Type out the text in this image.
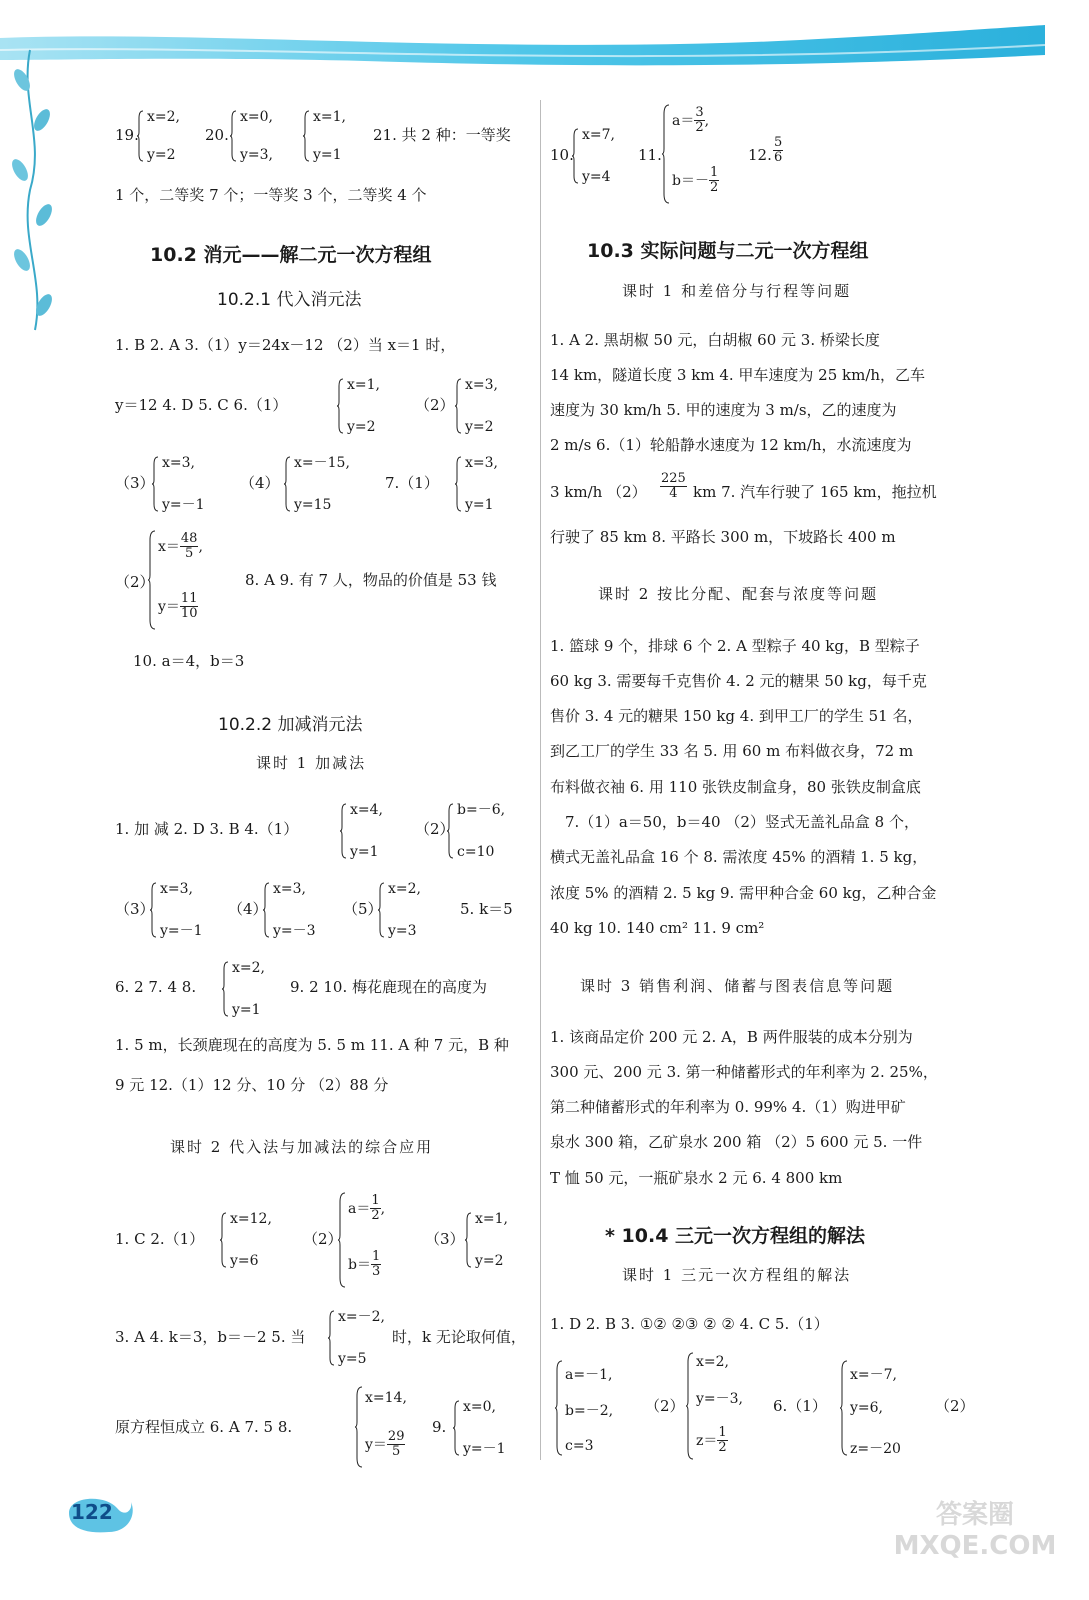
19.
x=2,
y=2
20.
x=0,
y=3,
x=1,
y=1
21. 共 2 种：一等奖
1 个，二等奖 7 个；一等奖 3 个，二等奖 4 个
10.2 消元——解二元一次方程组
10.2.1 代入消元法
1. B 2. A 3.（1）y＝24x－12 （2）当 x＝1 时，
y＝12 4. D 5. C 6.（1）
x=1,
y=2
（2）
x=3,
y=2
（3）
x=3,
y=－1
（4）
x=－15,
y=15
7.（1）
x=3,
y=1
（2）
$x= \frac{48}{5}$ ,
$y= \frac{11}{10}$
8. A 9. 有 7 人，物品的价值是 53 钱
10. a＝4，b＝3
10.2.2 加减消元法
课时 1 加减法
1. 加 减 2. D 3. B 4.（1）
x=4,
y=1
（2）
b=－6,
c=10
（3）
x=3,
y=－1
（4）
x=3,
y=－3
（5）
x=2,
y=3
5. k＝5
6. 2 7. 4 8.
x=2,
y=1
9. 2 10. 梅花鹿现在的高度为
1. 5 m，长颈鹿现在的高度为 5. 5 m 11. A 种 7 元，B 种
9 元 12.（1）12 分、10 分 （2）88 分
课时 2 代入法与加减法的综合应用
1. C 2.（1）
x=12,
y=6
（2）
$a= \frac{1}{2}$ ,
$b= \frac{1}{3}$
（3）
x=1,
y=2
3. A 4. k＝3，b＝－2 5. 当
x=－2,
y=5
时，k 无论取何值，
原方程恒成立 6. A 7. 5 8.
x=14,
$y= \frac{29}{5}$
9.
x=0,
y=－1
10.
x=7,
y=4
11.
$a= \frac{3}{2}$ ,
$b=- \frac{1}{2}$
12. $\frac{5}{6}$
10.3 实际问题与二元一次方程组
课时 1 和差倍分与行程等问题
1. A 2. 黑胡椒 50 元，白胡椒 60 元 3. 桥梁长度
14 km，隧道长度 3 km 4. 甲车速度为 25 km/h，乙车
速度为 30 km/h 5. 甲的速度为 3 m/s，乙的速度为
2 m/s 6.（1）轮船静水速度为 12 km/h，水流速度为
3 km/h $(2) \frac{225}{4}$ km 7. 汽车行驶了 165 km，拖拉机
行驶了 85 km 8. 平路长 300 m，下坡路长 400 m
课时 2 按比分配、配套与浓度等问题
1. 篮球 9 个，排球 6 个 2. A 型粽子 40 kg，B 型粽子
60 kg 3. 需要每千克售价 4. 2 元的糖果 50 kg，每千克
售价 3. 4 元的糖果 150 kg 4. 到甲工厂的学生 51 名，
到乙工厂的学生 33 名 5. 用 60 m 布料做衣身，72 m
布料做衣袖 6. 用 110 张铁皮制盒身，80 张铁皮制盒底
7.（1）a＝50，b＝40 （2）竖式无盖礼品盒 8 个，
横式无盖礼品盒 16 个 8. 需浓度 45% 的酒精 1. 5 kg，
浓度 5% 的酒精 2. 5 kg 9. 需甲种合金 60 kg，乙种合金
40 kg 10. 140 cm² 11. 9 cm²
课时 3 销售利润、储蓄与图表信息等问题
1. 该商品定价 200 元 2. A，B 两件服装的成本分别为
300 元、200 元 3. 第一种储蓄形式的年利率为 2. 25%，
第二种储蓄形式的年利率为 0. 99% 4.（1）购进甲矿
泉水 300 箱，乙矿泉水 200 箱 （2）5 600 元 5. 一件
T 恤 50 元，一瓶矿泉水 2 元 6. 4 800 km
* 10.4 三元一次方程组的解法
课时 1 三元一次方程组的解法
1. D 2. B 3. ①② ②③ ② ② 4. C 5.（1）
a=－1,
b=－2,
c=3
（2）
x=2,
y=－3,
$z= \frac{1}{2}$
6.（1）
x=－7,
y=6,
z=－20
（2）
122	答案圈 MXQE.COM
